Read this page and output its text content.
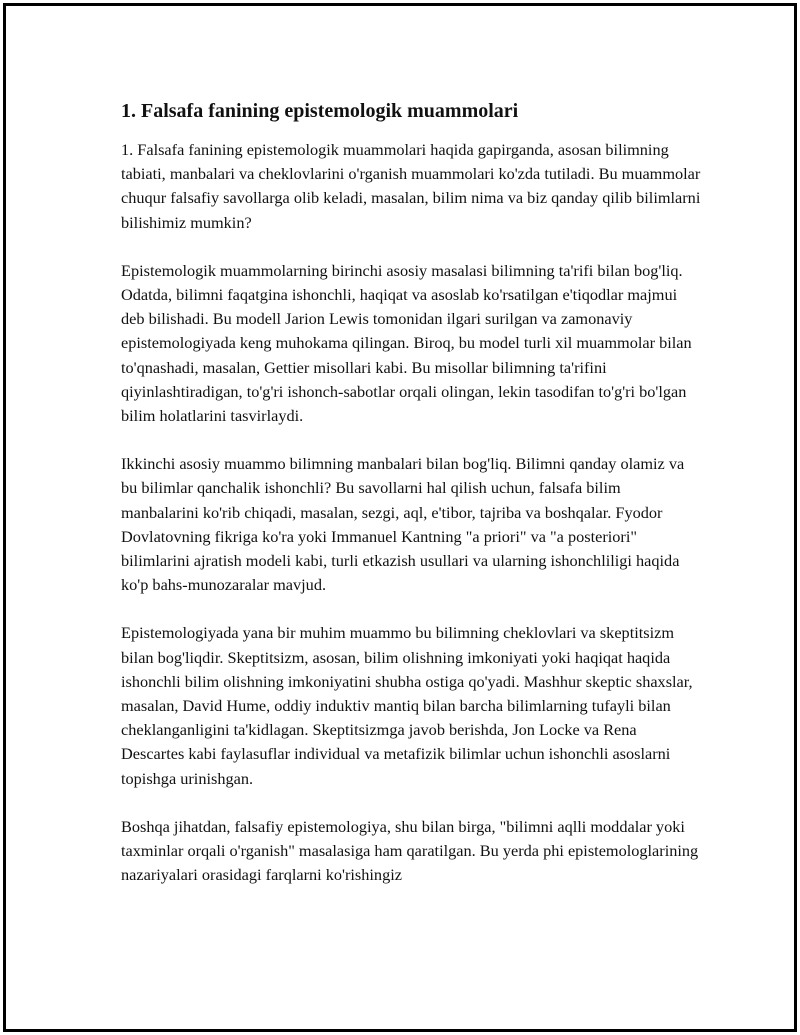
1. Falsafa fanining epistemologik muammolari

1. Falsafa fanining epistemologik muammolari haqida gapirganda, asosan bilimning tabiati, manbalari va cheklovlarini o'rganish muammolari ko'zda tutiladi. Bu muammolar chuqur falsafiy savollarga olib keladi, masalan, bilim nima va biz qanday qilib bilimlarni bilishimiz mumkin?

Epistemologik muammolarning birinchi asosiy masalasi bilimning ta'rifi bilan bog'liq. Odatda, bilimni faqatgina ishonchli, haqiqat va asoslab ko'rsatilgan e'tiqodlar majmui deb bilishadi. Bu modell Jarion Lewis tomonidan ilgari surilgan va zamonaviy epistemologiyada keng muhokama qilingan. Biroq, bu model turli xil muammolar bilan to'qnashadi, masalan, Gettier misollari kabi. Bu misollar bilimning ta'rifini qiyinlashtiradigan, to'g'ri ishonch-sabotlar orqali olingan, lekin tasodifan to'g'ri bo'lgan bilim holatlarini tasvirlaydi.

Ikkinchi asosiy muammo bilimning manbalari bilan bog'liq. Bilimni qanday olamiz va bu bilimlar qanchalik ishonchli? Bu savollarni hal qilish uchun, falsafa bilim manbalarini ko'rib chiqadi, masalan, sezgi, aql, e'tibor, tajriba va boshqalar. Fyodor Dovlatovning fikriga ko'ra yoki Immanuel Kantning "a priori" va "a posteriori" bilimlarini ajratish modeli kabi, turli etkazish usullari va ularning ishonchliligi haqida ko'p bahs-munozaralar mavjud.

Epistemologiyada yana bir muhim muammo bu bilimning cheklovlari va skeptitsizm bilan bog'liqdir. Skeptitsizm, asosan, bilim olishning imkoniyati yoki haqiqat haqida ishonchli bilim olishning imkoniyatini shubha ostiga qo'yadi. Mashhur skeptic shaxslar, masalan, David Hume, oddiy induktiv mantiq bilan barcha bilimlarning tufayli bilan cheklanganligini ta'kidlagan. Skeptitsizmga javob berishda, Jon Locke va Rena Descartes kabi faylasuflar individual va metafizik bilimlar uchun ishonchli asoslarni topishga urinishgan.

Boshqa jihatdan, falsafiy epistemologiya, shu bilan birga, "bilimni aqlli moddalar yoki taxminlar orqali o'rganish" masalasiga ham qaratilgan. Bu yerda phi epistemologlarining nazariyalari orasidagi farqlarni ko'rishingiz
